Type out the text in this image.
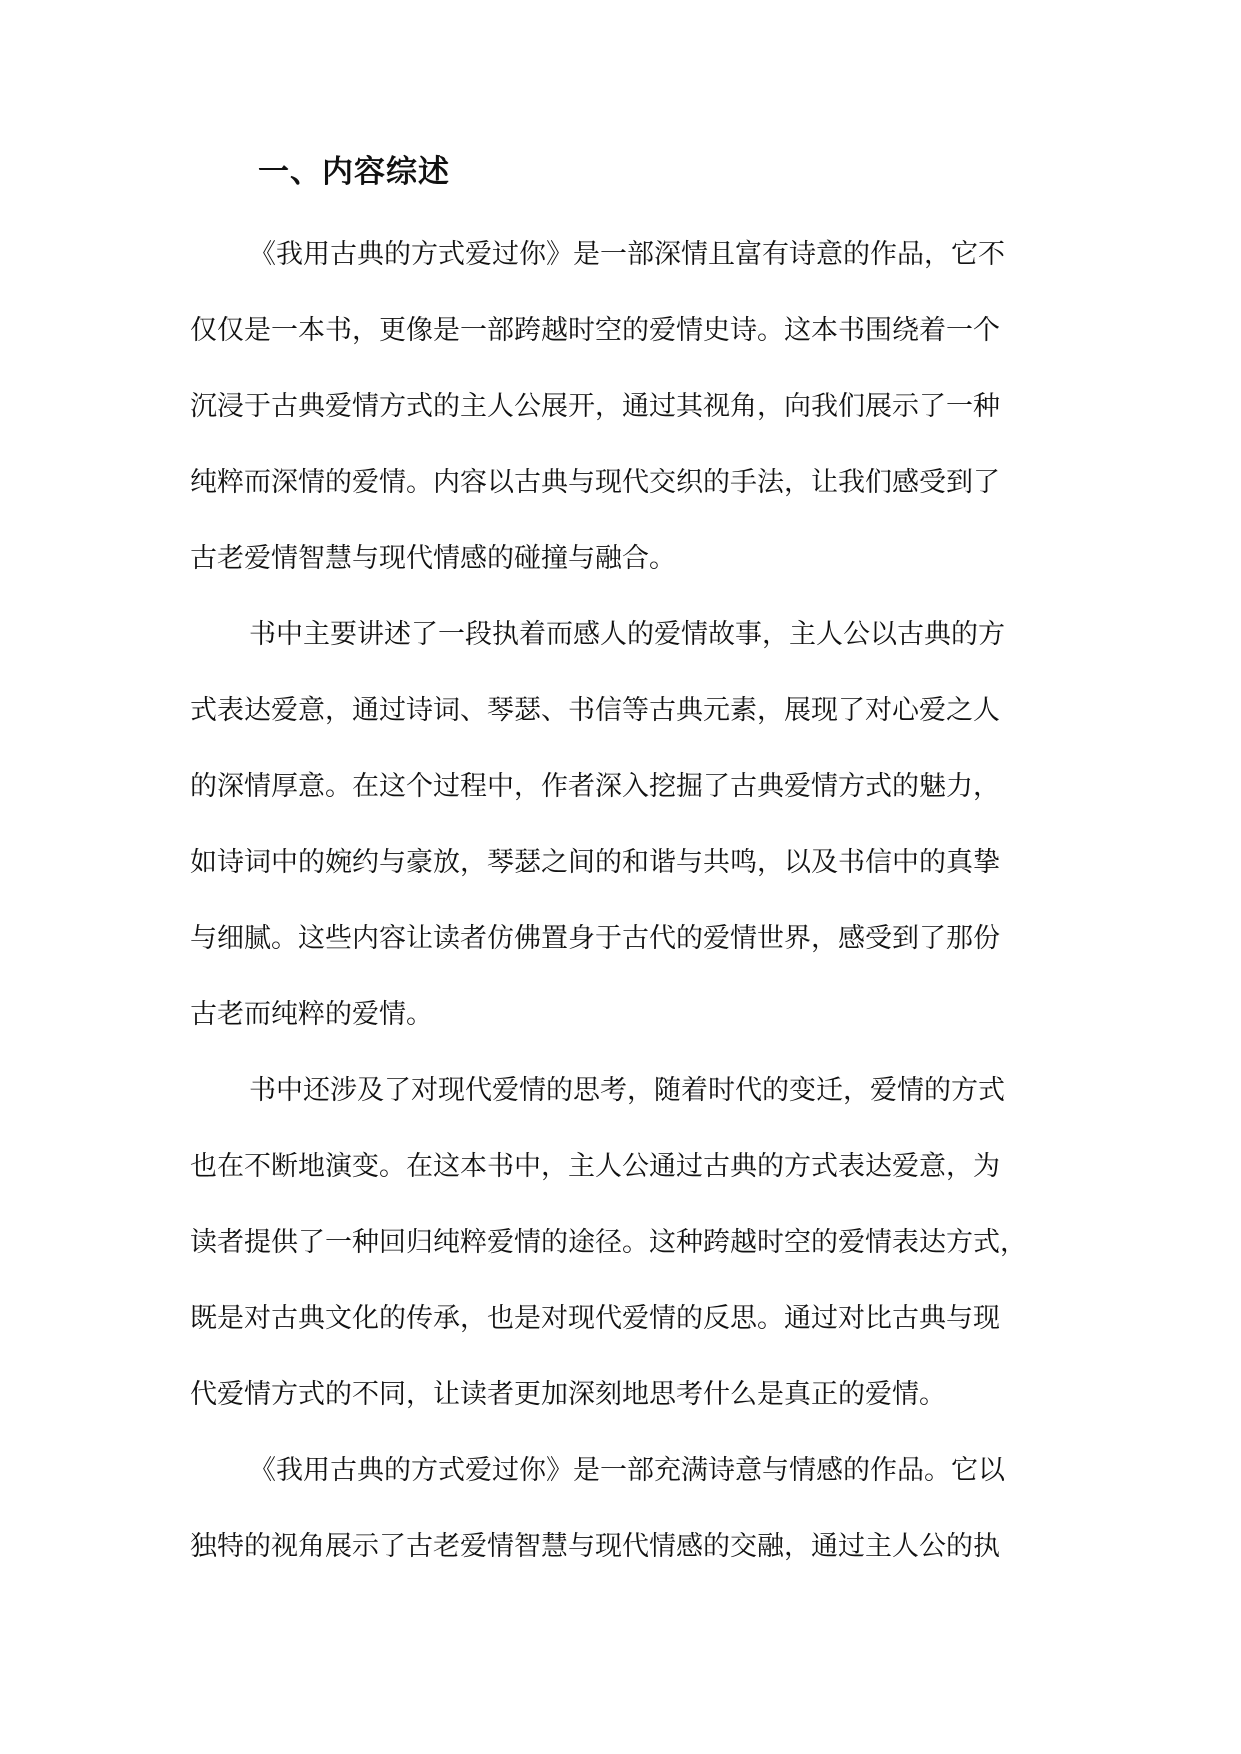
一、内容综述

《我用古典的方式爱过你》是一部深情且富有诗意的作品，它不

仅仅是一本书，更像是一部跨越时空的爱情史诗。这本书围绕着一个

沉浸于古典爱情方式的主人公展开，通过其视角，向我们展示了一种

纯粹而深情的爱情。内容以古典与现代交织的手法，让我们感受到了

古老爱情智慧与现代情感的碰撞与融合。

书中主要讲述了一段执着而感人的爱情故事，主人公以古典的方

式表达爱意，通过诗词、琴瑟、书信等古典元素，展现了对心爱之人

的深情厚意。在这个过程中，作者深入挖掘了古典爱情方式的魅力，

如诗词中的婉约与豪放，琴瑟之间的和谐与共鸣，以及书信中的真挚

与细腻。这些内容让读者仿佛置身于古代的爱情世界，感受到了那份

古老而纯粹的爱情。

书中还涉及了对现代爱情的思考，随着时代的变迁，爱情的方式

也在不断地演变。在这本书中，主人公通过古典的方式表达爱意，为

读者提供了一种回归纯粹爱情的途径。这种跨越时空的爱情表达方式，

既是对古典文化的传承，也是对现代爱情的反思。通过对比古典与现

代爱情方式的不同，让读者更加深刻地思考什么是真正的爱情。

《我用古典的方式爱过你》是一部充满诗意与情感的作品。它以

独特的视角展示了古老爱情智慧与现代情感的交融，通过主人公的执
